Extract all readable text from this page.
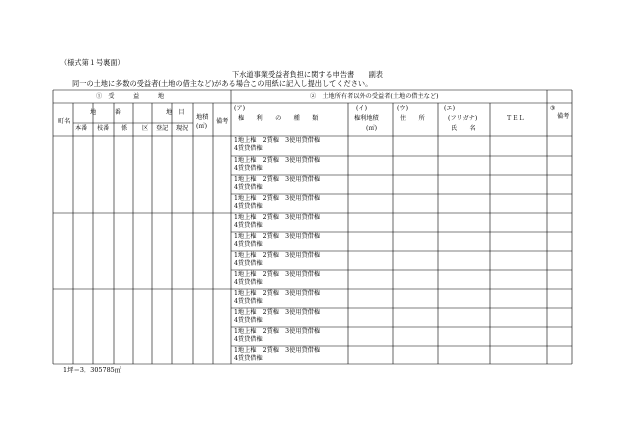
（様式第１号裏面）
下水道事業受益者負担に関する申告書　　副表
同一の土地に多数の受益者(土地の借主など)がある場合この用紙に記入し提出してください。
①　受　　　益　　　地	②　土地所有者以外の受益者(土地の借主など)
③
備考
町名
地　　　番	地　目
地積
(㎡)
備考
本番 枝番 係 区 登記 現況
(ア)
権　　利　　の　　種　　類
(イ)
権利地積
(㎡)
(ウ)
住　　所
(エ)
(フリガナ)
氏　　名
ＴＥＬ
1地上権　2賃権　3使用貸借権
4賃貸借権
1地上権　2賃権　3使用貸借権
4賃貸借権
1地上権　2賃権　3使用貸借権
4賃貸借権
1地上権　2賃権　3使用貸借権
4賃貸借権
1地上権　2賃権　3使用貸借権
4賃貸借権
1地上権　2賃権　3使用貸借権
4賃貸借権
1地上権　2賃権　3使用貸借権
4賃貸借権
1地上権　2賃権　3使用貸借権
4賃貸借権
1地上権　2賃権　3使用貸借権
4賃貸借権
1地上権　2賃権　3使用貸借権
4賃貸借権
1地上権　2賃権　3使用貸借権
4賃貸借権
1地上権　2賃権　3使用貸借権
4賃貸借権
1坪＝3．305785㎡
